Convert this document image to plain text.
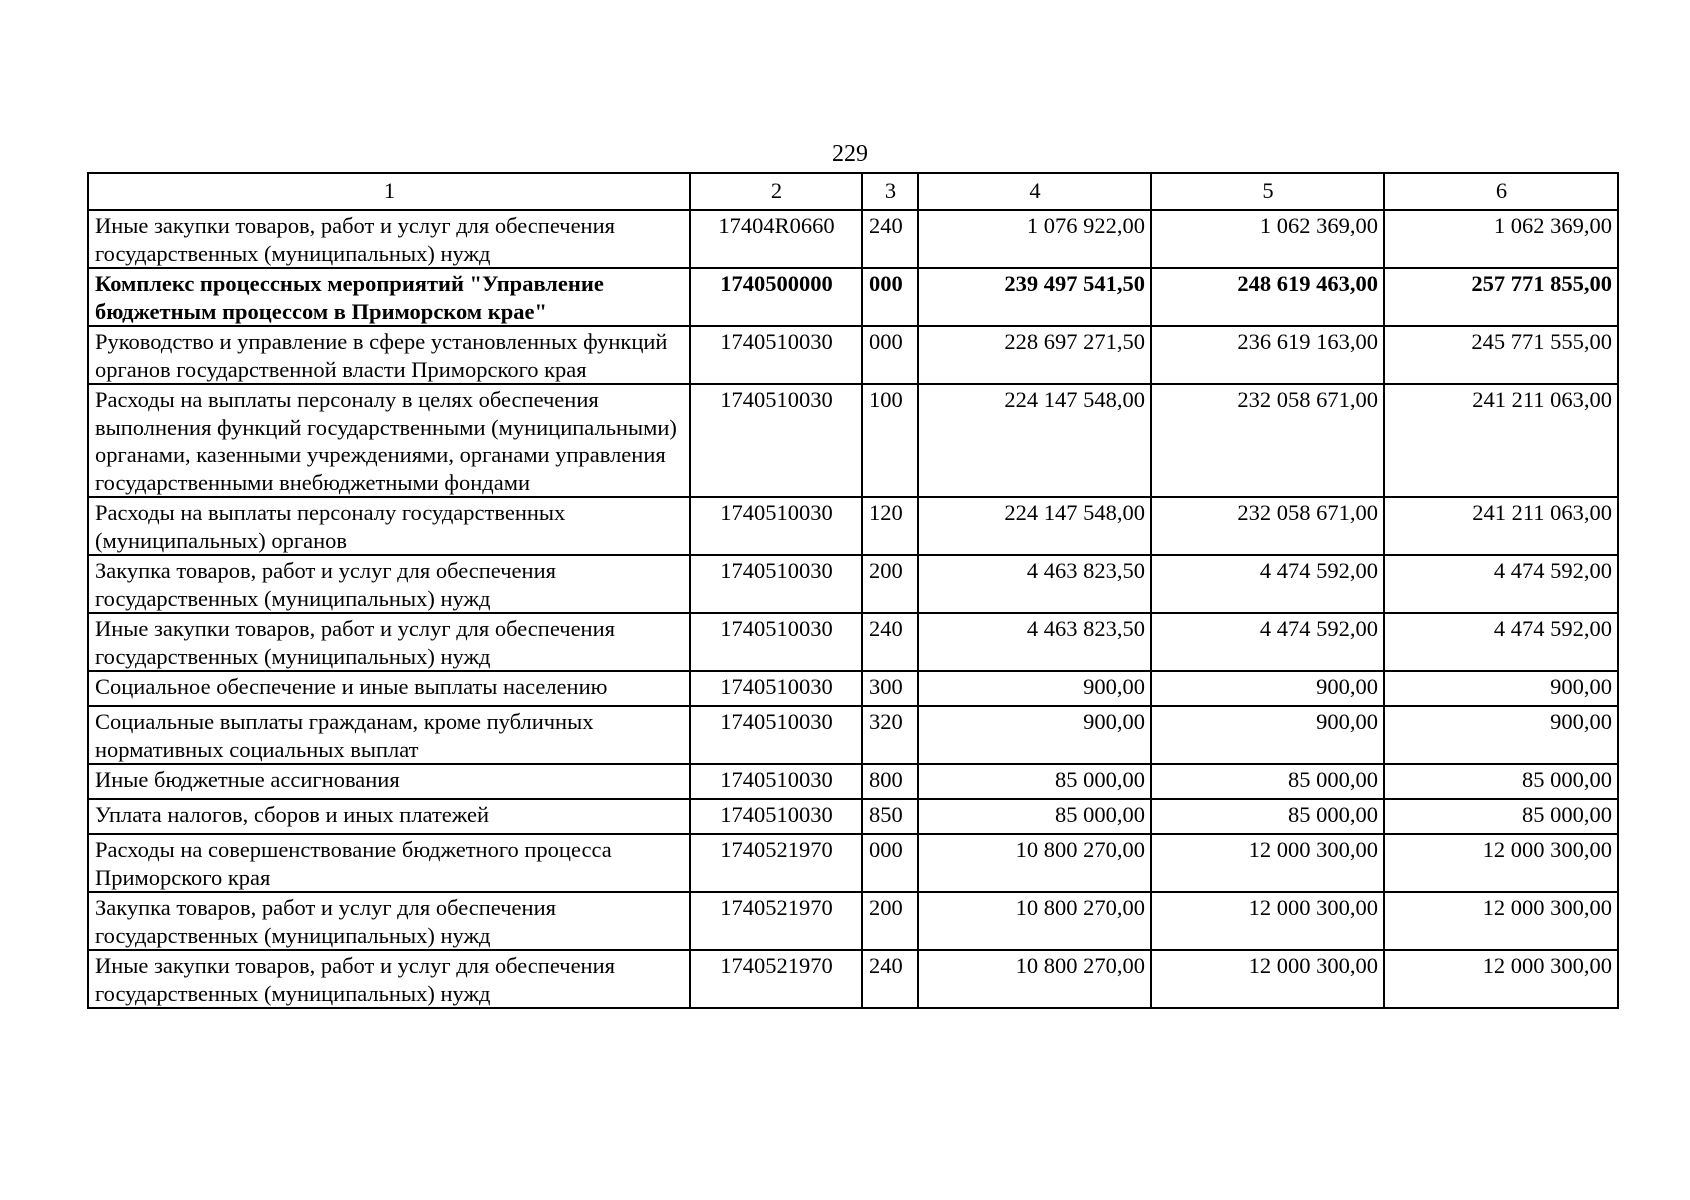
229
1	2	3	4	5	6
Иные закупки товаров, работ и услуг для обеспечения государственных (муниципальных) нужд	17404R0660	240	1 076 922,00	1 062 369,00	1 062 369,00
Комплекс процессных мероприятий "Управление бюджетным процессом в Приморском крае"	1740500000	000	239 497 541,50	248 619 463,00	257 771 855,00
Руководство и управление в сфере установленных функций органов государственной власти Приморского края	1740510030	000	228 697 271,50	236 619 163,00	245 771 555,00
Расходы на выплаты персоналу в целях обеспечения выполнения функций государственными (муниципальными) органами, казенными учреждениями, органами управления государственными внебюджетными фондами	1740510030	100	224 147 548,00	232 058 671,00	241 211 063,00
Расходы на выплаты персоналу государственных (муниципальных) органов	1740510030	120	224 147 548,00	232 058 671,00	241 211 063,00
Закупка товаров, работ и услуг для обеспечения государственных (муниципальных) нужд	1740510030	200	4 463 823,50	4 474 592,00	4 474 592,00
Иные закупки товаров, работ и услуг для обеспечения государственных (муниципальных) нужд	1740510030	240	4 463 823,50	4 474 592,00	4 474 592,00
Социальное обеспечение и иные выплаты населению	1740510030	300	900,00	900,00	900,00
Социальные выплаты гражданам, кроме публичных нормативных социальных выплат	1740510030	320	900,00	900,00	900,00
Иные бюджетные ассигнования	1740510030	800	85 000,00	85 000,00	85 000,00
Уплата налогов, сборов и иных платежей	1740510030	850	85 000,00	85 000,00	85 000,00
Расходы на совершенствование бюджетного процесса Приморского края	1740521970	000	10 800 270,00	12 000 300,00	12 000 300,00
Закупка товаров, работ и услуг для обеспечения государственных (муниципальных) нужд	1740521970	200	10 800 270,00	12 000 300,00	12 000 300,00
Иные закупки товаров, работ и услуг для обеспечения государственных (муниципальных) нужд	1740521970	240	10 800 270,00	12 000 300,00	12 000 300,00
